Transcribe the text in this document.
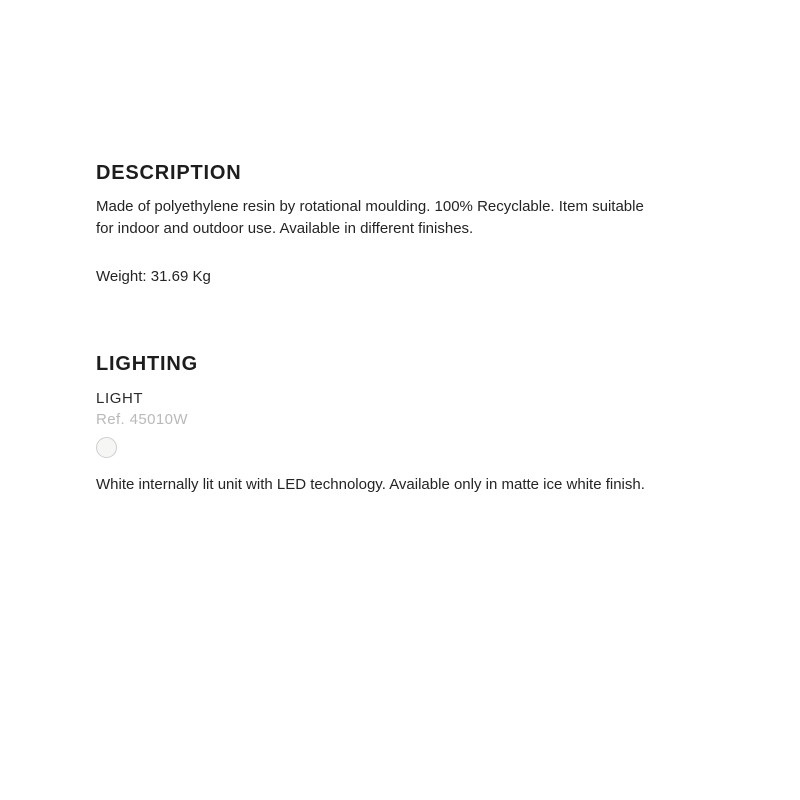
DESCRIPTION

Made of polyethylene resin by rotational moulding. 100% Recyclable. Item suitable for indoor and outdoor use. Available in different finishes.

Weight: 31.69 Kg

LIGHTING
LIGHT
Ref. 45010W

White internally lit unit with LED technology. Available only in matte ice white finish.
